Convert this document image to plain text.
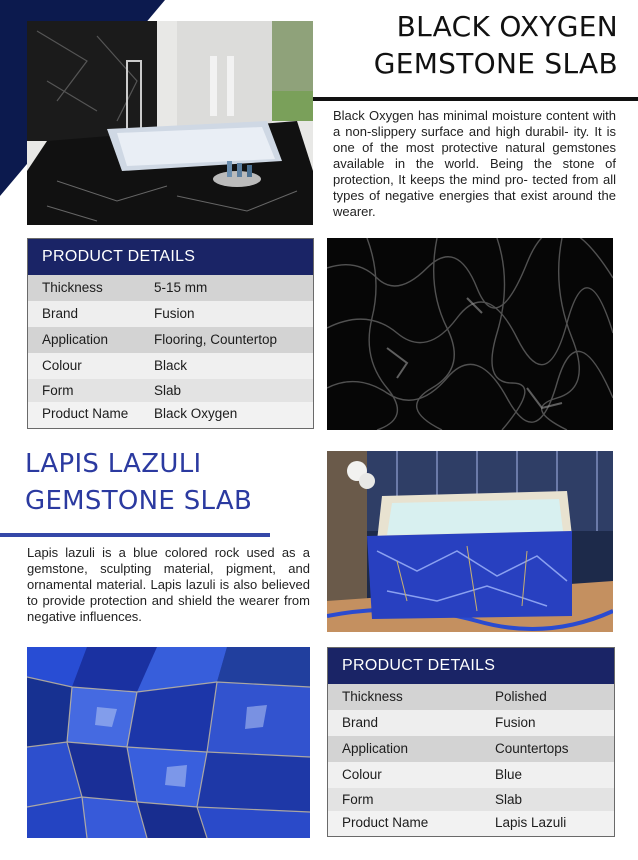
BLACK OXYGEN
GEMSTONE SLAB
Black Oxygen has minimal moisture content with a non-slippery surface and high durabil- ity. It is one of the most protective natural gemstones available in the world. Being the stone of protection, It keeps the mind pro- tected from all types of negative energies that exist around the wearer.
PRODUCT DETAILS
Thickness	5-15 mm
Brand	Fusion
Application	Flooring, Countertop
Colour	Black
Form	Slab
Product Name	Black Oxygen
LAPIS LAZULI
GEMSTONE SLAB
Lapis lazuli is a blue colored rock used as a gemstone, sculpting material, pigment, and ornamental material. Lapis lazuli is also believed to provide protection and shield the wearer from negative influences.
PRODUCT DETAILS
Thickness	Polished
Brand	Fusion
Application	Countertops
Colour	Blue
Form	Slab
Product Name	Lapis Lazuli
